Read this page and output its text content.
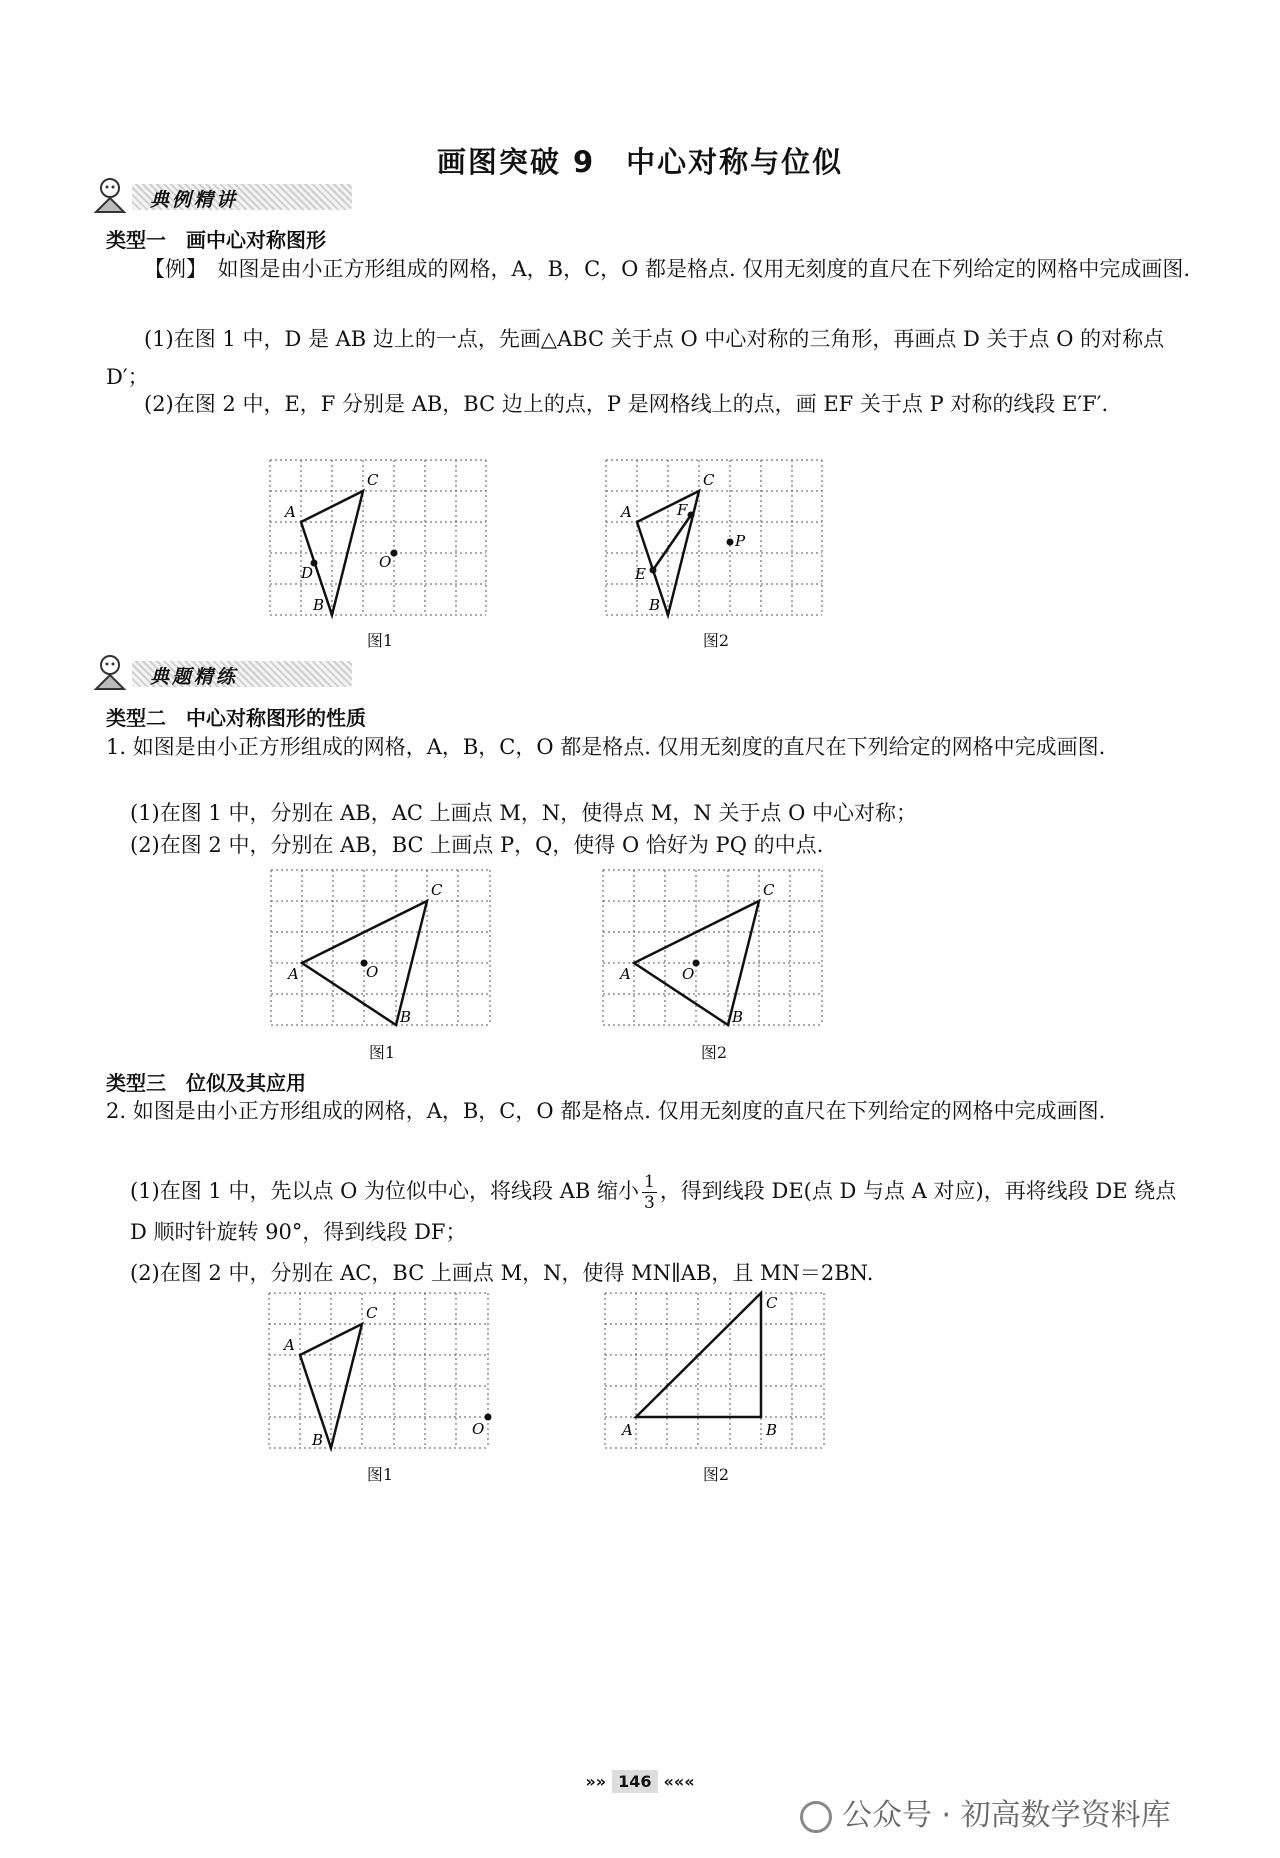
画图突破 9　中心对称与位似
典例精讲
类型一　画中心对称图形
【例】　如图是由小正方形组成的网格，A，B，C，O 都是格点. 仅用无刻度的直尺在下列给定的网格中完成画图.
(1)在图 1 中，D 是 AB 边上的一点，先画△ABC 关于点 O 中心对称的三角形，再画点 D 关于点 O 的对称点 D′；
(2)在图 2 中，E，F 分别是 AB，BC 边上的点，P 是网格线上的点，画 EF 关于点 P 对称的线段 E′F′.
A
C
D
O
B
图1
A
C
F
P
E
B
图2
典题精练
类型二　中心对称图形的性质
1. 如图是由小正方形组成的网格，A，B，C，O 都是格点. 仅用无刻度的直尺在下列给定的网格中完成画图.
(1)在图 1 中，分别在 AB，AC 上画点 M，N，使得点 M，N 关于点 O 中心对称；
(2)在图 2 中，分别在 AB，BC 上画点 P，Q，使得 O 恰好为 PQ 的中点.
A
C
O
B
图1
A
C
O
B
图2
类型三　位似及其应用
2. 如图是由小正方形组成的网格，A，B，C，O 都是格点. 仅用无刻度的直尺在下列给定的网格中完成画图.
(1)在图 1 中，先以点 O 为位似中心，将线段 AB 缩小 $\frac{1}{3}$ ，得到线段 DE(点 D 与点 A 对应)，再将线段 DE 绕点 D 顺时针旋转 90°，得到线段 DF；
(2)在图 2 中，分别在 AC，BC 上画点 M，N，使得 MN∥AB，且 MN＝2BN.
A
C
B
O
图1
A
C
B
图2
»» 146 «««
公众号 · 初高数学资料库
